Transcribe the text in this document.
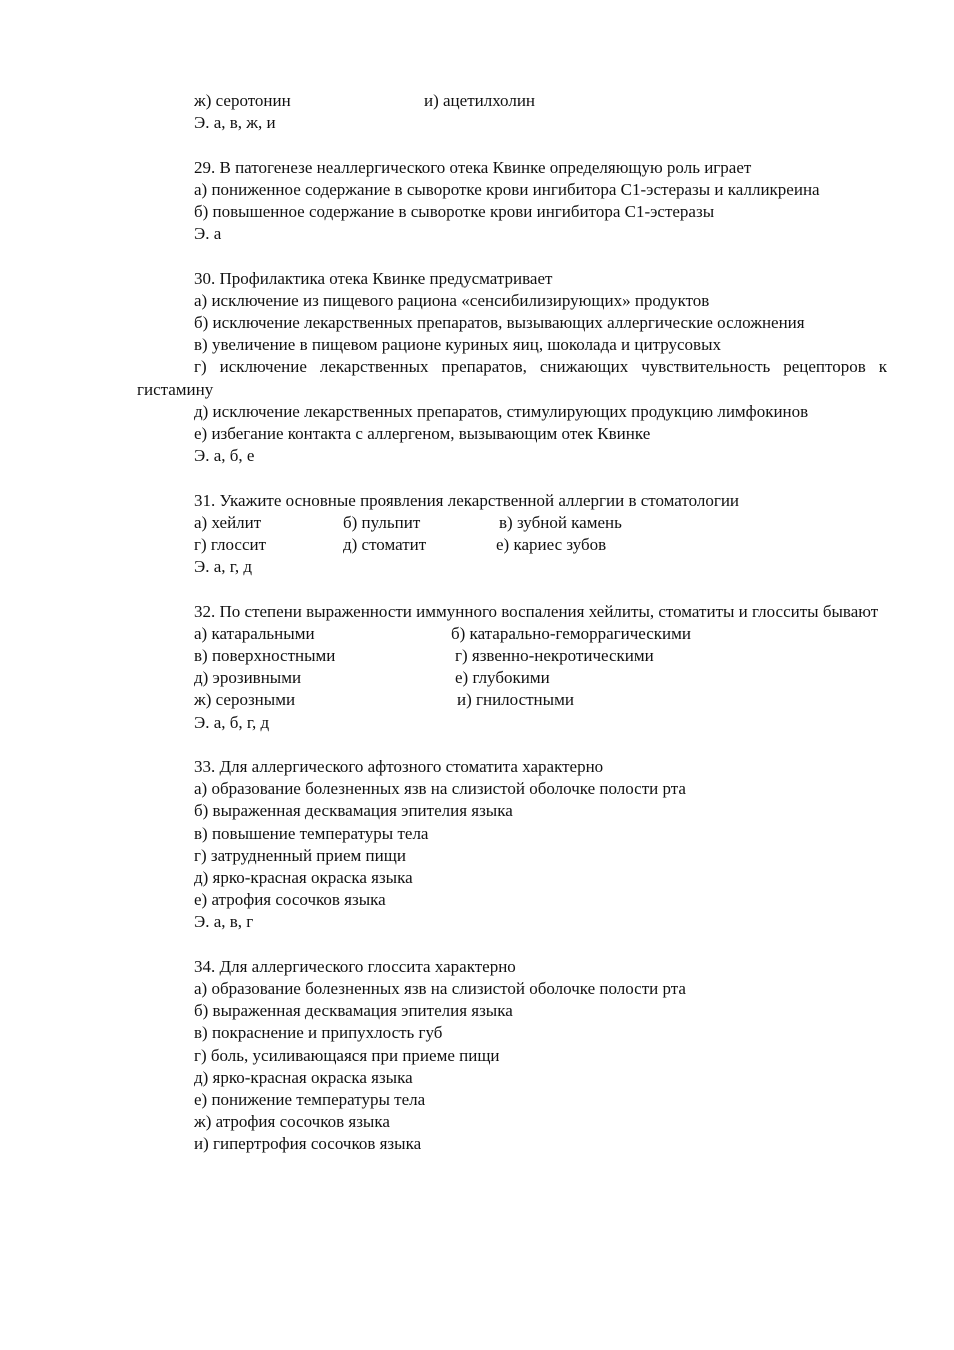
ж) серотонин	и) ацетилхолин

Э. а, в, ж, и

29. В патогенезе неаллергического отека Квинке определяющую роль играет

а) пониженное содержание в сыворотке крови ингибитора С1-эстеразы и калликреина

б) повышенное содержание в сыворотке крови ингибитора С1-эстеразы

Э. а

30. Профилактика отека Квинке предусматривает

а) исключение из пищевого рациона «сенсибилизирующих» продуктов

б) исключение лекарственных препаратов, вызывающих аллергические осложнения

в) увеличение в пищевом рационе куриных яиц, шоколада и цитрусовых

г) исключение лекарственных препаратов, снижающих чувствительность рецепторов к гистамину

д) исключение лекарственных препаратов, стимулирующих продукцию лимфокинов

е) избегание контакта с аллергеном, вызывающим отек Квинке

Э. а, б, е

31. Укажите основные проявления лекарственной аллергии в стоматологии

а) хейлит	б) пульпит	в) зубной камень
г) глоссит	д) стоматит	е) кариес зубов

Э. а, г, д

32. По степени выраженности иммунного воспаления хейлиты, стоматиты и глосситы бывают

а) катаральными	б) катарально-геморрагическими
в) поверхностными	г) язвенно-некротическими
д) эрозивными	е) глубокими
ж) серозными	и) гнилостными

Э. а, б, г, д

33. Для аллергического афтозного стоматита характерно

а) образование болезненных язв на слизистой оболочке полости рта

б) выраженная десквамация эпителия языка

в) повышение температуры тела

г) затрудненный прием пищи

д) ярко-красная окраска языка

е) атрофия сосочков языка

Э. а, в, г

34. Для аллергического глоссита характерно

а) образование болезненных язв на слизистой оболочке полости рта

б) выраженная десквамация эпителия языка

в) покраснение и припухлость губ

г) боль, усиливающаяся при приеме пищи

д) ярко-красная окраска языка

е) понижение температуры тела

ж) атрофия сосочков языка

и) гипертрофия сосочков языка
